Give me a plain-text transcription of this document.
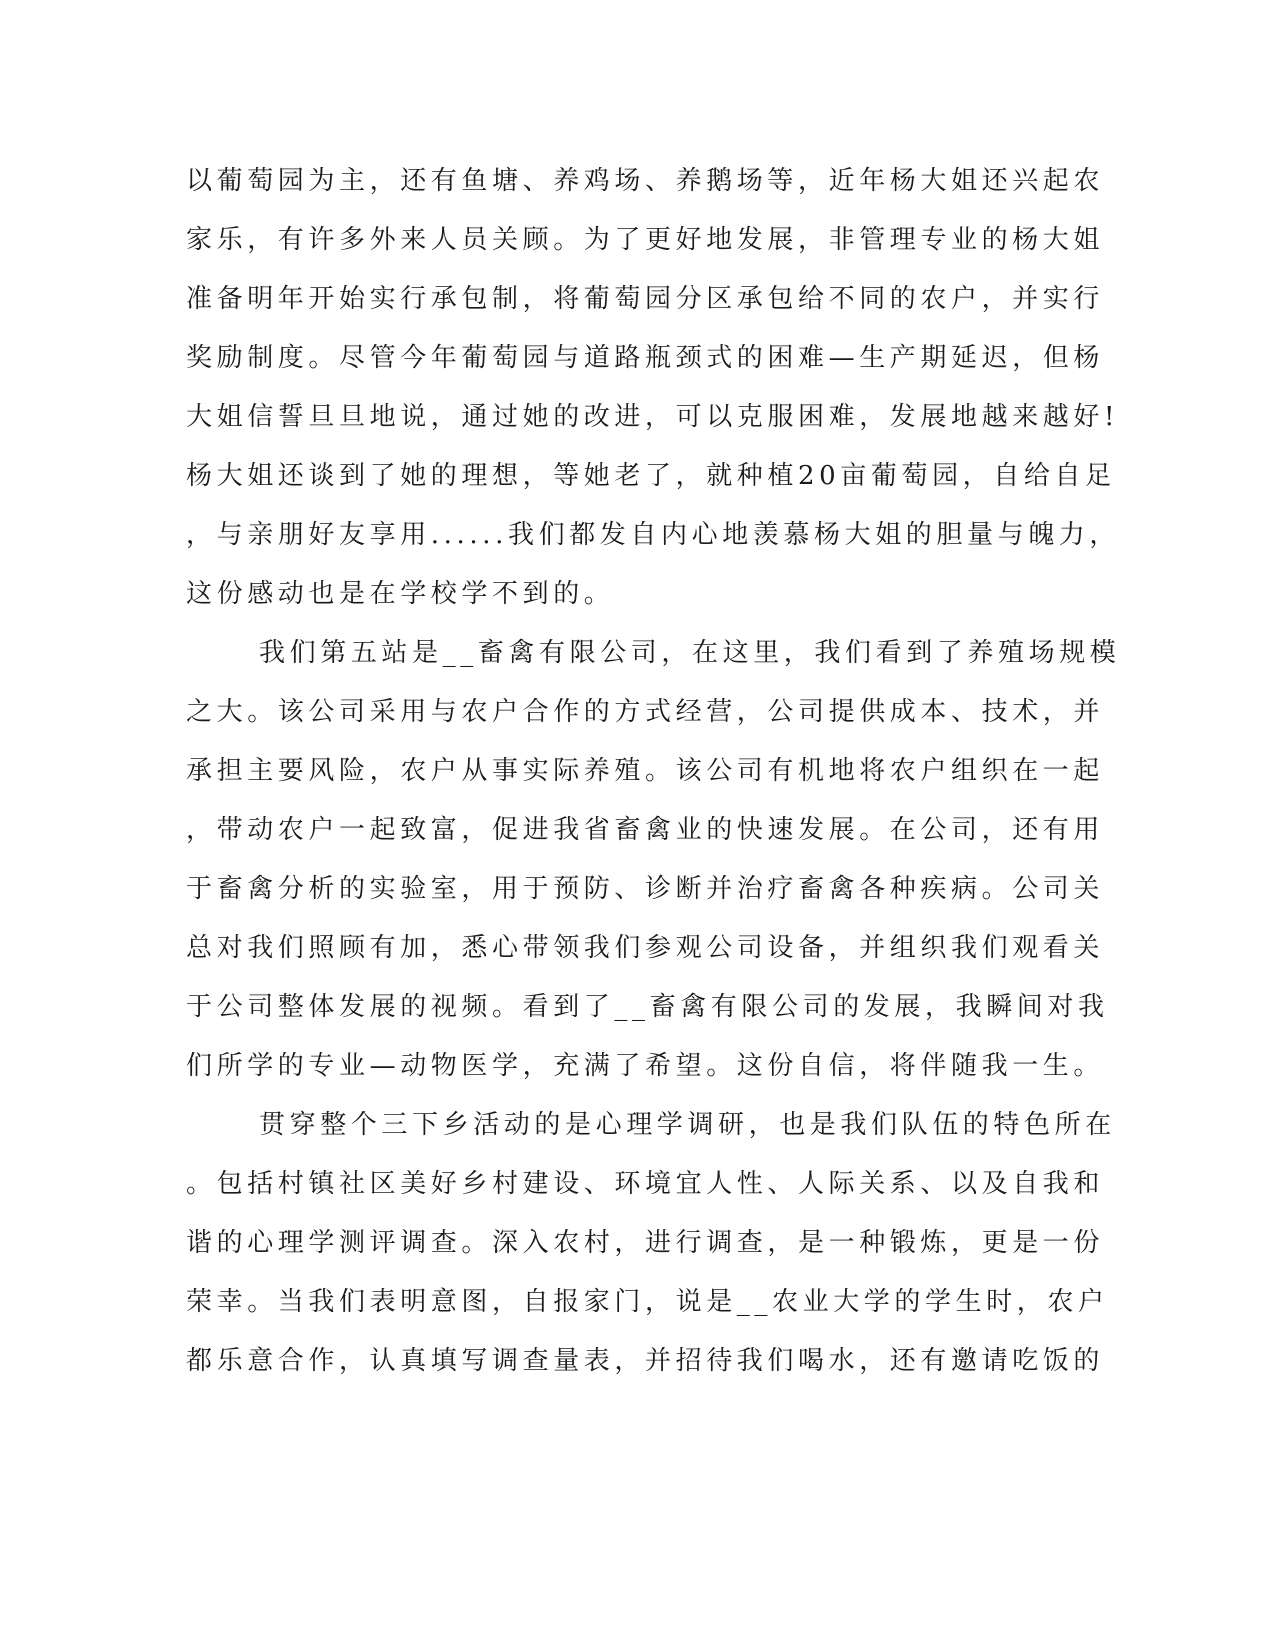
以葡萄园为主，还有鱼塘、养鸡场、养鹅场等，近年杨大姐还兴起农
家乐，有许多外来人员关顾。为了更好地发展，非管理专业的杨大姐
准备明年开始实行承包制，将葡萄园分区承包给不同的农户，并实行
奖励制度。尽管今年葡萄园与道路瓶颈式的困难—生产期延迟，但杨
大姐信誓旦旦地说，通过她的改进，可以克服困难，发展地越来越好!
杨大姐还谈到了她的理想，等她老了，就种植20亩葡萄园，自给自足
，与亲朋好友享用......我们都发自内心地羡慕杨大姐的胆量与魄力，
这份感动也是在学校学不到的。
我们第五站是__畜禽有限公司，在这里，我们看到了养殖场规模
之大。该公司采用与农户合作的方式经营，公司提供成本、技术，并
承担主要风险，农户从事实际养殖。该公司有机地将农户组织在一起
，带动农户一起致富，促进我省畜禽业的快速发展。在公司，还有用
于畜禽分析的实验室，用于预防、诊断并治疗畜禽各种疾病。公司关
总对我们照顾有加，悉心带领我们参观公司设备，并组织我们观看关
于公司整体发展的视频。看到了__畜禽有限公司的发展，我瞬间对我
们所学的专业—动物医学，充满了希望。这份自信，将伴随我一生。
贯穿整个三下乡活动的是心理学调研，也是我们队伍的特色所在
。包括村镇社区美好乡村建设、环境宜人性、人际关系、以及自我和
谐的心理学测评调查。深入农村，进行调查，是一种锻炼，更是一份
荣幸。当我们表明意图，自报家门，说是__农业大学的学生时，农户
都乐意合作，认真填写调查量表，并招待我们喝水，还有邀请吃饭的
